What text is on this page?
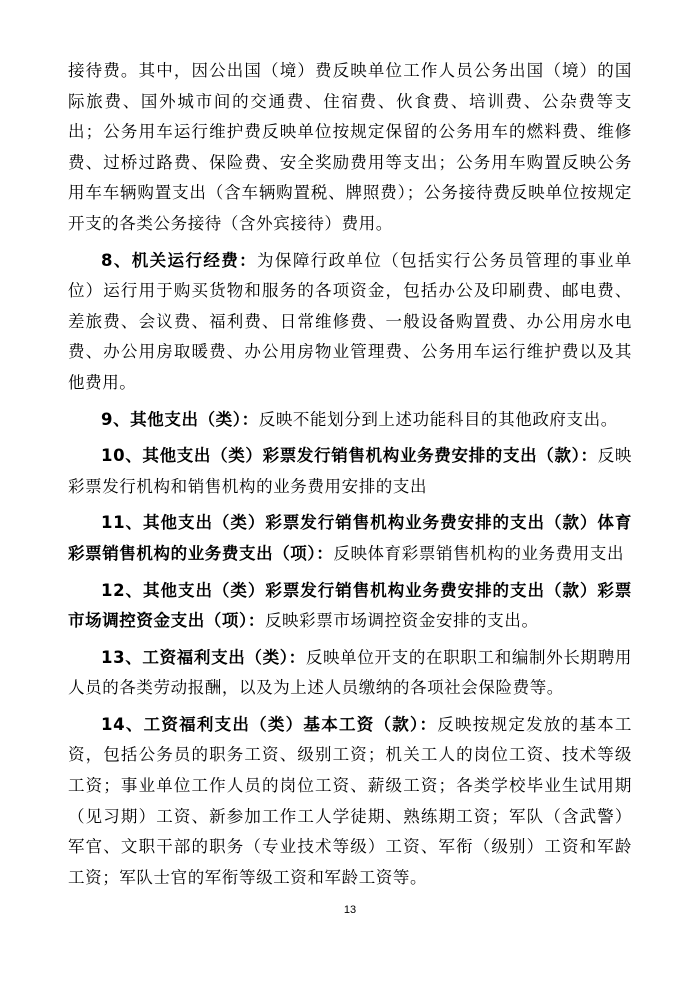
接待费。其中，因公出国（境）费反映单位工作人员公务出国（境）的国际旅费、国外城市间的交通费、住宿费、伙食费、培训费、公杂费等支出；公务用车运行维护费反映单位按规定保留的公务用车的燃料费、维修费、过桥过路费、保险费、安全奖励费用等支出；公务用车购置反映公务用车车辆购置支出（含车辆购置税、牌照费）；公务接待费反映单位按规定开支的各类公务接待（含外宾接待）费用。

8、机关运行经费：为保障行政单位（包括实行公务员管理的事业单位）运行用于购买货物和服务的各项资金，包括办公及印刷费、邮电费、差旅费、会议费、福利费、日常维修费、一般设备购置费、办公用房水电费、办公用房取暖费、办公用房物业管理费、公务用车运行维护费以及其他费用。

9、其他支出（类）：反映不能划分到上述功能科目的其他政府支出。

10、其他支出（类）彩票发行销售机构业务费安排的支出（款）：反映彩票发行机构和销售机构的业务费用安排的支出

11、其他支出（类）彩票发行销售机构业务费安排的支出（款）体育彩票销售机构的业务费支出（项）：反映体育彩票销售机构的业务费用支出

12、其他支出（类）彩票发行销售机构业务费安排的支出（款）彩票市场调控资金支出（项）：反映彩票市场调控资金安排的支出。

13、工资福利支出（类）：反映单位开支的在职职工和编制外长期聘用人员的各类劳动报酬，以及为上述人员缴纳的各项社会保险费等。

14、工资福利支出（类）基本工资（款）：反映按规定发放的基本工资，包括公务员的职务工资、级别工资；机关工人的岗位工资、技术等级工资；事业单位工作人员的岗位工资、薪级工资；各类学校毕业生试用期（见习期）工资、新参加工作工人学徒期、熟练期工资；军队（含武警）军官、文职干部的职务（专业技术等级）工资、军衔（级别）工资和军龄工资；军队士官的军衔等级工资和军龄工资等。

13
